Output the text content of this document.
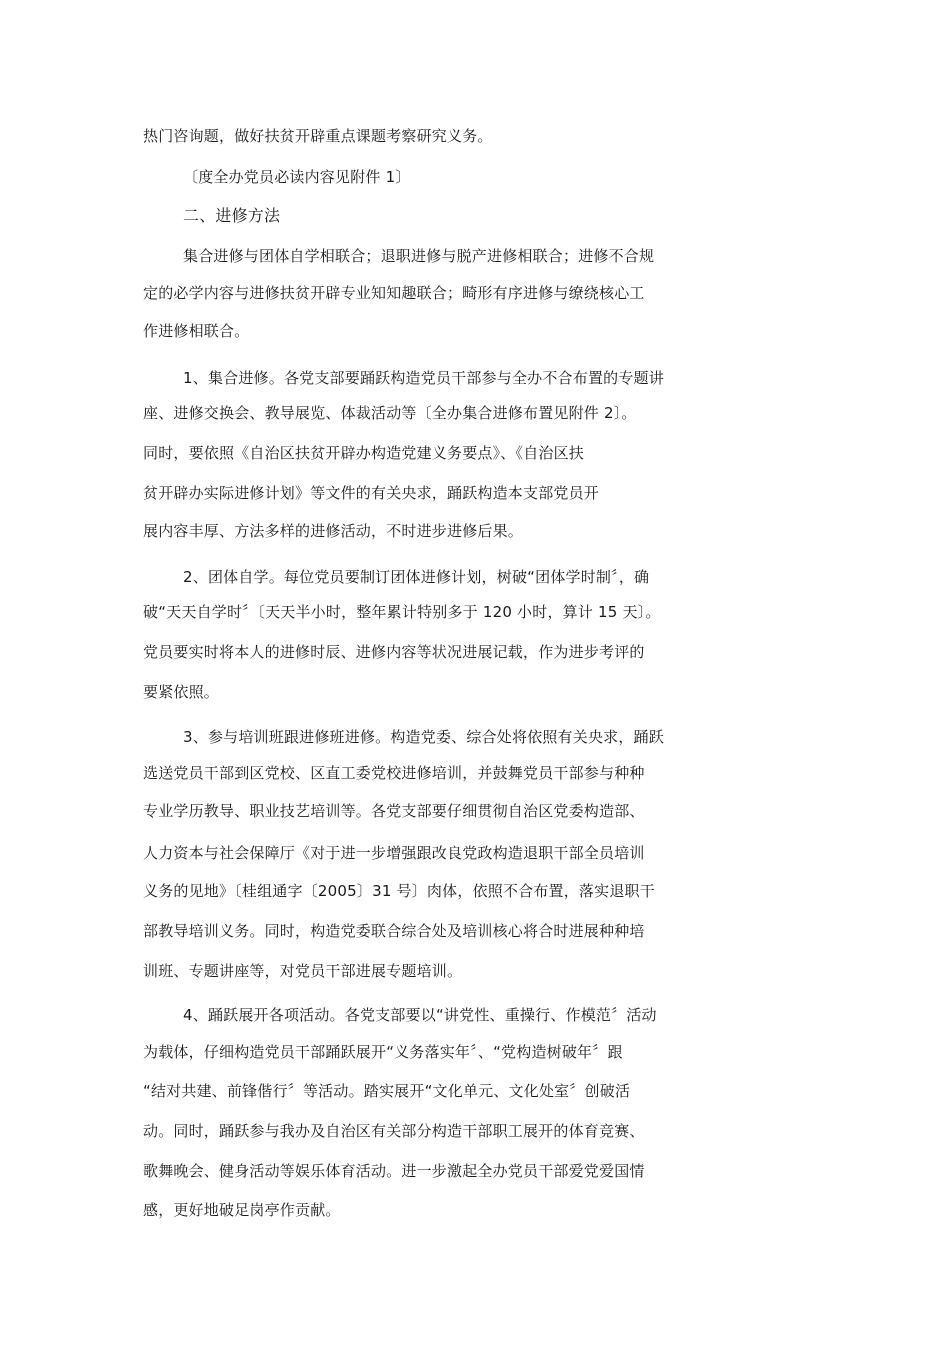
热门咨询题，做好扶贫开辟重点课题考察研究义务。
〔度全办党员必读内容见附件 1〕
二、进修方法
集合进修与团体自学相联合；退职进修与脱产进修相联合；进修不合规
定的必学内容与进修扶贫开辟专业知知趣联合；畸形有序进修与缭绕核心工
作进修相联合。
1、集合进修。各党支部要踊跃构造党员干部参与全办不合布置的专题讲
座、进修交换会、教导展览、体裁活动等〔全办集合进修布置见附件 2〕。
同时，要依照《自治区扶贫开辟办构造党建义务要点》、《自治区扶
贫开辟办实际进修计划》等文件的有关央求，踊跃构造本支部党员开
展内容丰厚、方法多样的进修活动，不时进步进修后果。
2、团体自学。每位党员要制订团体进修计划，树破“团体学时制〞，确
破“天天自学时〞〔天天半小时，整年累计特别多于 120 小时，算计 15 天〕。
党员要实时将本人的进修时辰、进修内容等状况进展记载，作为进步考评的
要紧依照。
3、参与培训班跟进修班进修。构造党委、综合处将依照有关央求，踊跃
选送党员干部到区党校、区直工委党校进修培训，并鼓舞党员干部参与种种
专业学历教导、职业技艺培训等。各党支部要仔细贯彻自治区党委构造部、
人力资本与社会保障厅《对于进一步增强跟改良党政构造退职干部全员培训
义务的见地》〔桂组通字〔2005〕31 号〕肉体，依照不合布置，落实退职干
部教导培训义务。同时，构造党委联合综合处及培训核心将合时进展种种培
训班、专题讲座等，对党员干部进展专题培训。
4、踊跃展开各项活动。各党支部要以“讲党性、重操行、作模范〞活动
为载体，仔细构造党员干部踊跃展开“义务落实年〞、“党构造树破年〞跟
“结对共建、前锋偕行〞等活动。踏实展开“文化单元、文化处室〞创破活
动。同时，踊跃参与我办及自治区有关部分构造干部职工展开的体育竞赛、
歌舞晚会、健身活动等娱乐体育活动。进一步激起全办党员干部爱党爱国情
感，更好地破足岗亭作贡献。
